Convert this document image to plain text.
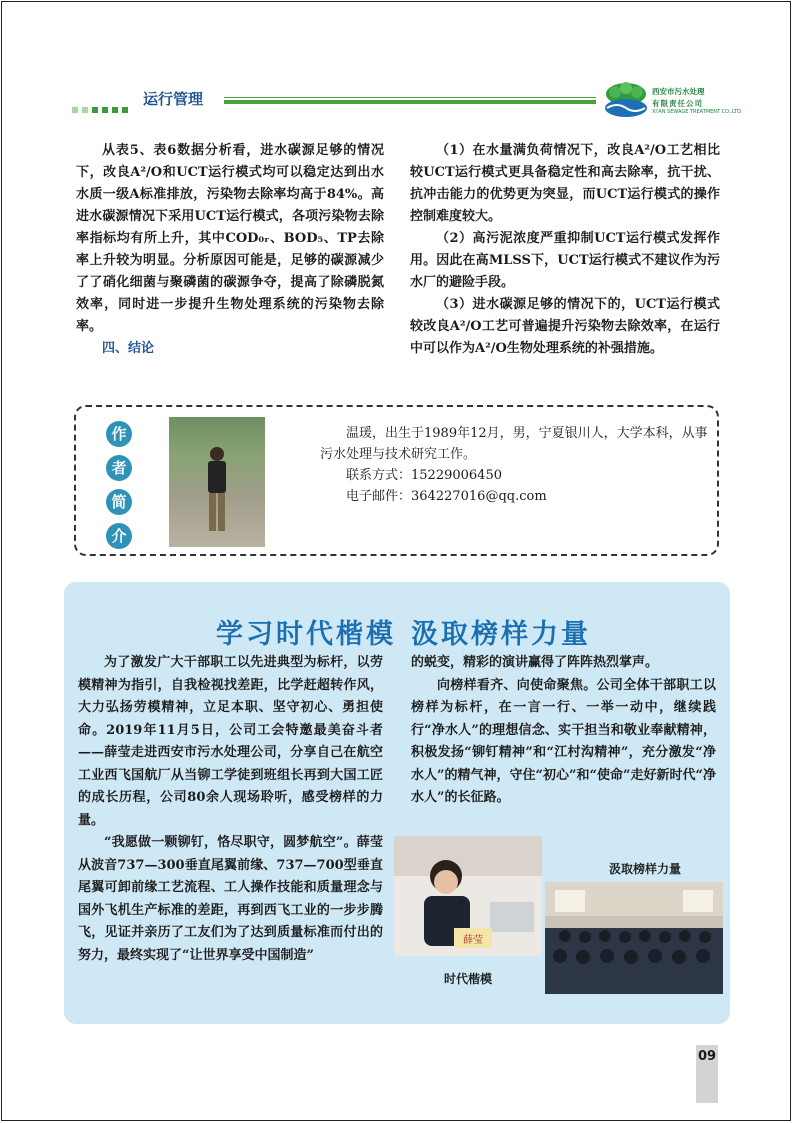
运行管理	西安市污水处理
有限责任公司
XI'AN SEWAGE TREATMENT CO.,LTD.

从表5、表6数据分析看，进水碳源足够的情况下，改良A²/O和UCT运行模式均可以稳定达到出水水质一级A标准排放，污染物去除率均高于84%。高进水碳源情况下采用UCT运行模式，各项污染物去除率指标均有所上升，其中COD₀ᵣ、BOD₅、TP去除率上升较为明显。分析原因可能是，足够的碳源减少了了硝化细菌与聚磷菌的碳源争夺，提高了除磷脱氮效率，同时进一步提升生物处理系统的污染物去除率。

四、结论

（1）在水量满负荷情况下，改良A²/O工艺相比较UCT运行模式更具备稳定性和高去除率，抗干扰、抗冲击能力的优势更为突显，而UCT运行模式的操作控制难度较大。

（2）高污泥浓度严重抑制UCT运行模式发挥作用。因此在高MLSS下，UCT运行模式不建议作为污水厂的避险手段。

（3）进水碳源足够的情况下的，UCT运行模式较改良A²/O工艺可普遍提升污染物去除效率，在运行中可以作为A²/O生物处理系统的补强措施。

作
者
简
介

温瑗，出生于1989年12月，男，宁夏银川人，大学本科，从事污水处理与技术研究工作。

联系方式：15229006450

电子邮件：364227016@qq.com

学习时代楷模 汲取榜样力量

为了激发广大干部职工以先进典型为标杆，以劳模精神为指引，自我检视找差距，比学赶超转作风，大力弘扬劳模精神，立足本职、坚守初心、勇担使命。2019年11月5日，公司工会特邀最美奋斗者——薛莹走进西安市污水处理公司，分享自己在航空工业西飞国航厂从当铆工学徒到班组长再到大国工匠的成长历程，公司80余人现场聆听，感受榜样的力量。

“我愿做一颗铆钉，恪尽职守，圆梦航空”。薛莹从波音737—300垂直尾翼前缘、737—700型垂直尾翼可卸前缘工艺流程、工人操作技能和质量理念与国外飞机生产标准的差距，再到西飞工业的一步步腾飞，见证并亲历了工友们为了达到质量标准而付出的努力，最终实现了“让世界享受中国制造”

的蜕变，精彩的演讲赢得了阵阵热烈掌声。

向榜样看齐、向使命聚焦。公司全体干部职工以榜样为标杆，在一言一行、一举一动中，继续践行“净水人”的理想信念、实干担当和敬业奉献精神，积极发扬“铆钉精神”和“江村沟精神”，充分激发“净水人”的精气神，守住“初心”和“使命”走好新时代“净水人”的长征路。

薛莹
时代楷模
汲取榜样力量
09
